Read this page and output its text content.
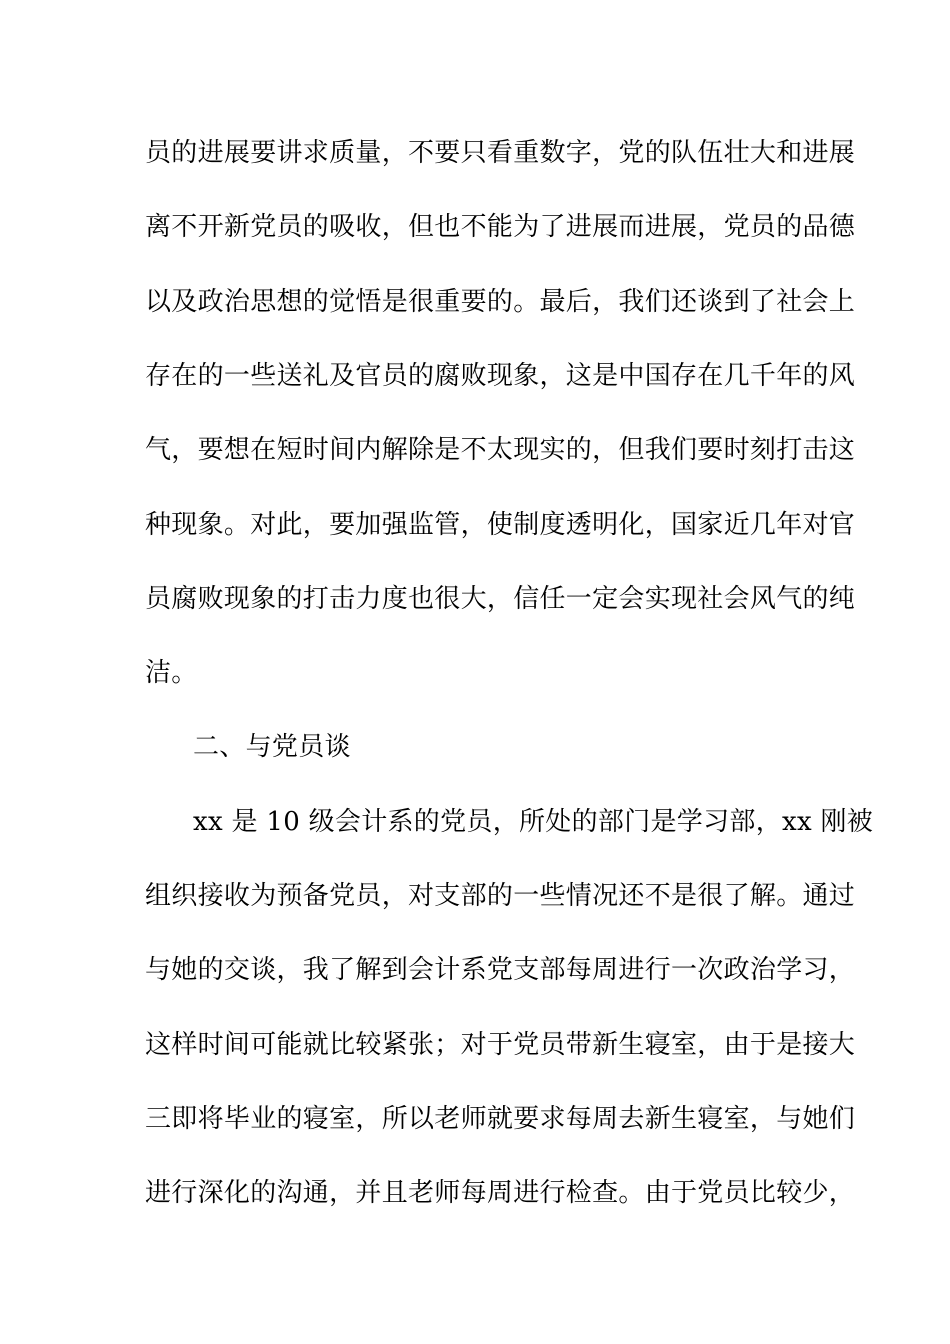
员的进展要讲求质量，不要只看重数字，党的队伍壮大和进展
离不开新党员的吸收，但也不能为了进展而进展，党员的品德
以及政治思想的觉悟是很重要的。最后，我们还谈到了社会上
存在的一些送礼及官员的腐败现象，这是中国存在几千年的风
气，要想在短时间内解除是不太现实的，但我们要时刻打击这
种现象。对此，要加强监管，使制度透明化，国家近几年对官
员腐败现象的打击力度也很大，信任一定会实现社会风气的纯
洁。
二、与党员谈
xx 是 10 级会计系的党员，所处的部门是学习部，xx 刚被
组织接收为预备党员，对支部的一些情况还不是很了解。通过
与她的交谈，我了解到会计系党支部每周进行一次政治学习，
这样时间可能就比较紧张；对于党员带新生寝室，由于是接大
三即将毕业的寝室，所以老师就要求每周去新生寝室，与她们
进行深化的沟通，并且老师每周进行检查。由于党员比较少，
